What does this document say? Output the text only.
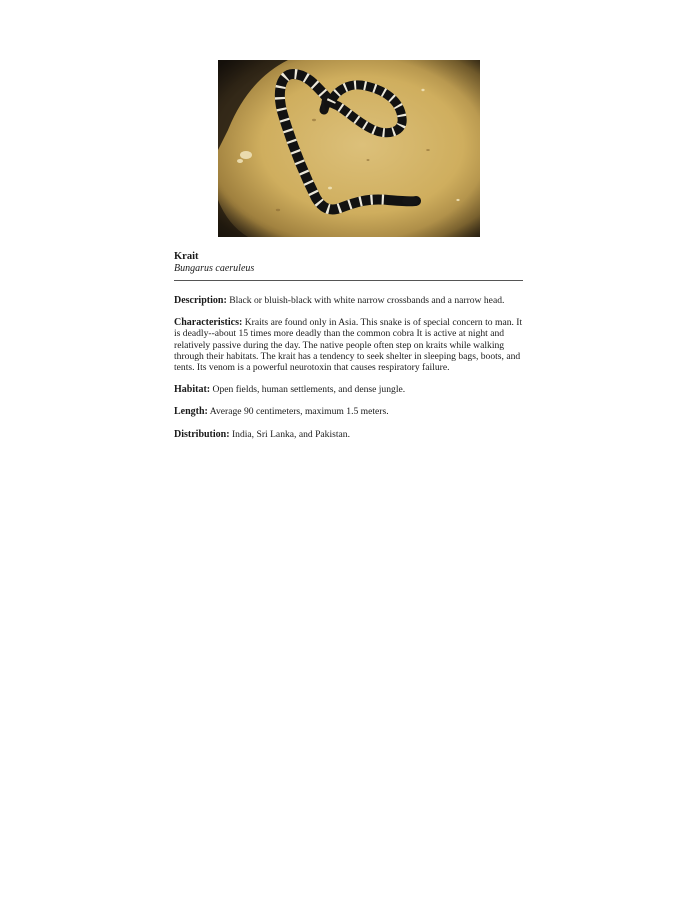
Krait

Bungarus caeruleus

Description: Black or bluish-black with white narrow crossbands and a narrow head.

Characteristics: Kraits are found only in Asia. This snake is of special concern to man. It is deadly--about 15 times more deadly than the common cobra It is active at night and relatively passive during the day. The native people often step on kraits while walking through their habitats. The krait has a tendency to seek shelter in sleeping bags, boots, and tents. Its venom is a powerful neurotoxin that causes respiratory failure.

Habitat: Open fields, human settlements, and dense jungle.

Length: Average 90 centimeters, maximum 1.5 meters.

Distribution: India, Sri Lanka, and Pakistan.
